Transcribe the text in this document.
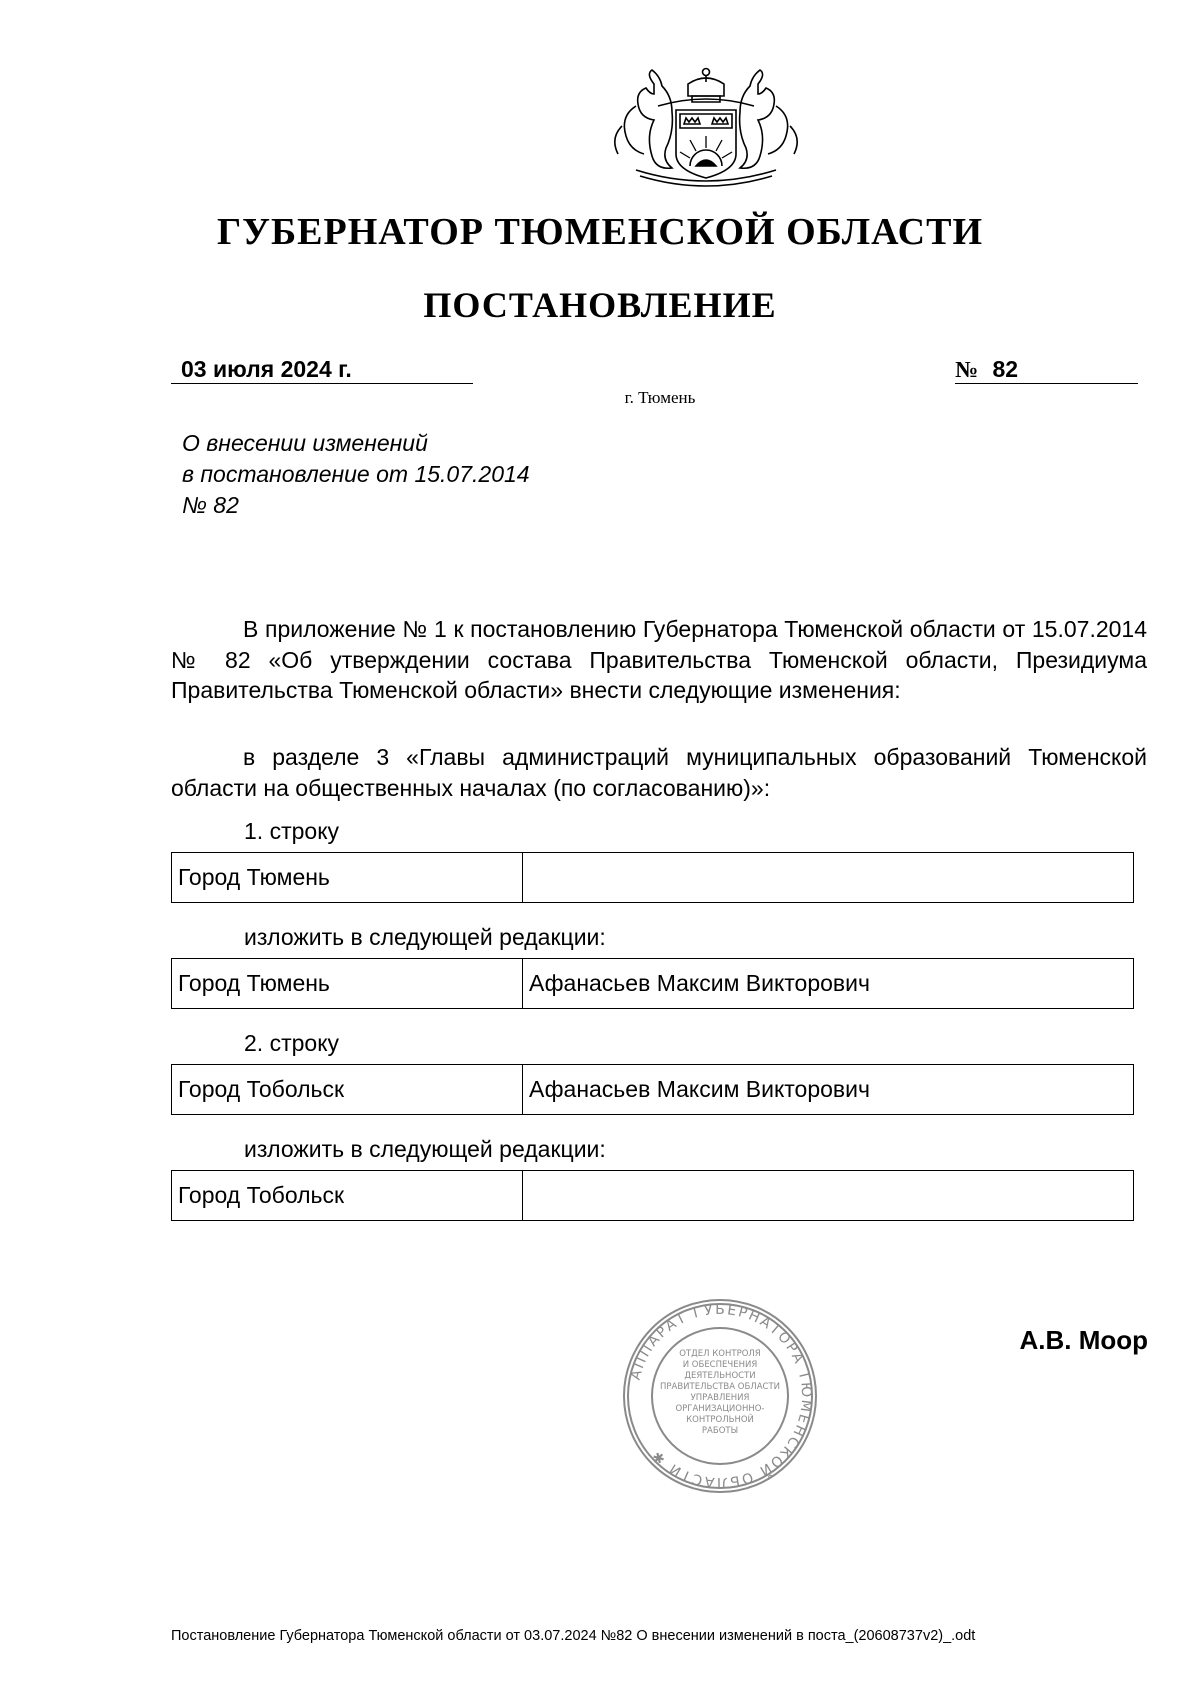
ГУБЕРНАТОР ТЮМЕНСКОЙ ОБЛАСТИ
ПОСТАНОВЛЕНИЕ
03 июля 2024 г.	№ 82
г. Тюмень
О внесении изменений
в постановление от 15.07.2014
№ 82
В приложение № 1 к постановлению Губернатора Тюменской области от 15.07.2014 № 82 «Об утверждении состава Правительства Тюменской области, Президиума Правительства Тюменской области» внести следующие изменения:
в разделе 3 «Главы администраций муниципальных образований Тюменской области на общественных началах (по согласованию)»:
1. строку
Город Тюмень	
изложить в следующей редакции:
Город Тюмень	Афанасьев Максим Викторович
2. строку
Город Тобольск	Афанасьев Максим Викторович
изложить в следующей редакции:
Город Тобольск	
АППАРАТ ГУБЕРНАТОРА ТЮМЕНСКОЙ ОБЛАСТИ ✱
ОТДЕЛ КОНТРОЛЯ
И ОБЕСПЕЧЕНИЯ
ДЕЯТЕЛЬНОСТИ
ПРАВИТЕЛЬСТВА ОБЛАСТИ
УПРАВЛЕНИЯ
ОРГАНИЗАЦИОННО-
КОНТРОЛЬНОЙ
РАБОТЫ
А.В. Моор
Постановление Губернатора Тюменской области от 03.07.2024 №82 О внесении изменений в поста_(20608737v2)_.odt
